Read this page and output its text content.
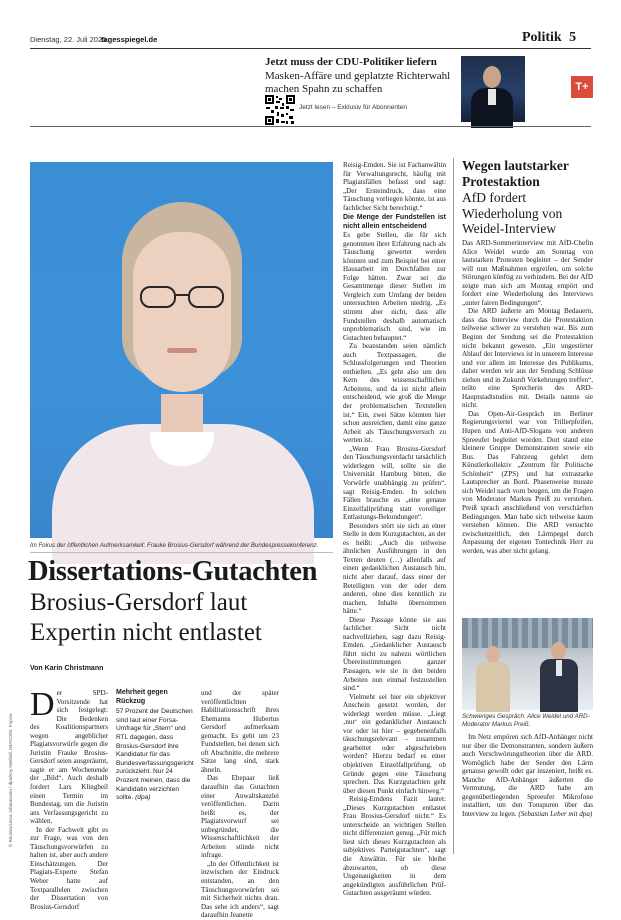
Dienstag, 22. Juli 2025
tagesspiegel.de	Politik 5
Jetzt muss der CDU-Politiker liefern
Masken-Affäre und geplatzte Richterwahl machen Spahn zu schaffen
Jetzt lesen – Exklusiv für Abonnenten
T+
Im Fokus der öffentlichen Aufmerksamkeit: Frauke Brosius-Gersdorf während der Bundespressekonferenz.
Dissertations-Gutachten
Brosius-Gersdorf laut
Expertin nicht entlastet
Von Karin Christmann
© Reuters/Liesa Johannssen / dpa/Kay Nietfeld, IMAGO/M. Popow
D er SPD-Vorsitzende hat sich festgelegt: Die Bedenken des Koalitionspartners wegen angeblicher Plagiatsvorwürfe gegen die Juristin Frauke Brosius-Gersdorf seien ausgeräumt, sagte er am Wochenende der „Bild“. Auch deshalb fordert Lars Klingbeil einen Termin im Bundestag, um die Juristin ans Verfassungsgericht zu wählen.

In der Fachwelt gibt es zur Frage, was von den Täuschungsvorwürfen zu halten ist, aber auch andere Einschätzungen. Der Plagiats-Experte Stefan Weber hatte auf Textparallelen zwischen der Dissertation von Brosius-Gersdorf

Mehrheit gegen Rückzug
57 Prozent der Deutschen sind laut einer Forsa-Umfrage für „Stern“ und RTL dagegen, dass Brosius-Gersdorf ihre Kandidatur für das Bundesverfassungsgericht zurückzieht. Nur 24 Prozent meinen, dass die Kandidatin verzichten sollte. (dpa)

und der später veröffentlichten Habilitationsschrift ihres Ehemanns Hubertus Gersdorf aufmerksam gemacht. Es geht um 23 Fundstellen, bei denen sich oft Abschnitte, die mehrere Sätze lang sind, stark ähneln.

Das Ehepaar ließ daraufhin das Gutachten einer Anwaltskanzlei veröffentlichen. Darin heißt es, der Plagiatsvorwurf sei unbegründet, die Wissenschaftlichkeit der Arbeiten stünde nicht infrage.

„In der Öffentlichkeit ist inzwischen der Eindruck entstanden, an den Täuschungsvorwürfen sei mit Sicherheit nichts dran. Das sehe ich anders“, sagt daraufhin Jeanette

Reisig-Emden. Sie ist Fachanwältin für Verwaltungsrecht, häufig mit Plagiatsfällen befasst und sagt: „Der Ersteindruck, dass eine Täuschung vorliegen könnte, ist aus fachlicher Sicht berechtigt.“

Die Menge der Fundstellen ist nicht allein entscheidend

Es gebe Stellen, die für sich genommen ihrer Erfahrung nach als Täuschung gewertet werden könnten und zum Beispiel bei einer Hausarbeit im Durchfallen zur Folge hätten. Zwar sei die Gesamtmenge dieser Stellen im Vergleich zum Umfang der beiden untersuchten Arbeiten niedrig. „Es stimmt aber nicht, dass alle Fundstellen deshalb automatisch unproblematisch sind, wie im Gutachten behauptet.“

Zu beanstanden seien nämlich auch Textpassagen, die Schlussfolgerungen und Theorien enthielten. „Es geht also um den Kern des wissenschaftlichen Arbeitens, und da ist nicht allein entscheidend, wie groß die Menge der problematischen Textstellen ist.“ Ein, zwei Sätze könnten hier schon ausreichen, damit eine ganze Arbeit als Täuschungsversuch zu werten ist.

„Wenn Frau Brosius-Gersdorf den Täuschungsverdacht tatsächlich widerlegen will, sollte sie die Universität Hamburg bitten, die Vorwürfe unabhängig zu prüfen“, sagt Reisig-Emden. In solchen Fällen brauche es „eine genaue Einzelfallprüfung statt voreiliger Entlastungs-Bekundungen“.

Besonders stört sie sich an einer Stelle in dem Kurzgutachten, an der es heißt: „Auch die teilweise ähnlichen Ausführungen in den Texten deuten (…) allenfalls auf einen gedanklichen Austausch hin, nicht aber darauf, dass einer der Beteiligten von der oder dem anderen, ohne dies kenntlich zu machen, Inhalte übernommen hätte.“

Diese Passage könne sie aus fachlicher Sicht nicht nachvollziehen, sagt dazu Reisig-Emden. „Gedanklicher Austausch führt nicht zu nahezu wörtlichen Übereinstimmungen ganzer Passagen, wie sie in den beiden Arbeiten nun einmal festzustellen sind.“

Vielmehr sei hier ein objektiver Anschein gesetzt worden, der widerlegt werden müsse. „Liegt ‚nur‘ ein gedanklicher Austausch vor oder ist hier – gegebenenfalls täuschungsrelevant – zusammen gearbeitet oder abgeschrieben worden? Hierzu bedarf es einer objektiven Einzelfallprüfung, ob Gründe gegen eine Täuschung sprechen. Das Kurzgutachten geht über diesen Punkt einfach hinweg.“

Reisig-Emdens Fazit lautet: „Dieses Kurzgutachten entlastet Frau Brosius-Gersdorf nicht.“ Es unterscheide an wichtigen Stellen nicht differenziert genug. „Für mich liest sich dieses Kurzgutachten als subjektives Parteigutachten“, sagt die Anwältin. Für sie bleibe abzuwarten, ob diese Ungenauigkeiten in dem angekündigten ausführlichen Prüf-Gutachten ausgeräumt würden.

Wegen lautstarker Protestaktion
AfD fordert Wiederholung von Weidel-Interview

Das ARD-Sommerinterview mit AfD-Chefin Alice Weidel wurde am Sonntag von lautstarken Protesten begleitet – der Sender will nun Maßnahmen ergreifen, um solche Störungen künftig zu verhindern. Bei der AfD zeigte man sich am Montag empört und fordert eine Wiederholung des Interviews „unter fairen Bedingungen“.

Die ARD äußerte am Montag Bedauern, dass das Interview durch die Protestaktion teilweise schwer zu verstehen war. Bis zum Beginn der Sendung sei die Protestaktion nicht bekannt gewesen. „Ein ungestörter Ablauf der Interviews ist in unserem Interesse und vor allem im Interesse des Publikums, daher werden wir aus der Sendung Schlüsse ziehen und in Zukunft Vorkehrungen treffen“, teilte eine Sprecherin des ARD-Hauptstadtstudios mit. Details nannte sie nicht.

Das Open-Air-Gespräch im Berliner Regierungsviertel war von Trillerpfeifen, Hupen und Anti-AfD-Slogans von anderen Spreeufer begleitet worden. Dort stand eine kleinere Gruppe Demonstranten sowie ein Bus. Das Fahrzeug gehört dem Künstlerkollektiv „Zentrum für Politische Schönheit“ (ZPS) und hat extrastarke Lautsprecher an Bord. Phasenweise musste sich Weidel nach vorn beugen, um die Fragen von Moderator Markus Preiß zu verstehen. Preiß sprach anschließend von verschärften Bedingungen. Man habe sich teilweise kaum verstehen können. Die ARD versuchte zwischenzeitlich, den Lärmpegel durch Anpassung der eigenen Tontechnik Herr zu werden, was aber nicht gelang.

Schwieriges Gespräch: Alice Weidel und ARD-Moderator Markus Preiß.

Im Netz empören sich AfD-Anhänger nicht nur über die Demonstranten, sondern äußern auch Verschwörungstheorien über die ARD. Womöglich habe der Sender den Lärm genauso gewollt oder gar inszeniert, heißt es. Manche AfD-Anhänger äußerten die Vermutung, die ARD habe am gegenüberliegenden Spreeufer Mikrofone installiert, um den Tonspuren über das Interview zu legen. (Sebastian Leber mit dpa)
